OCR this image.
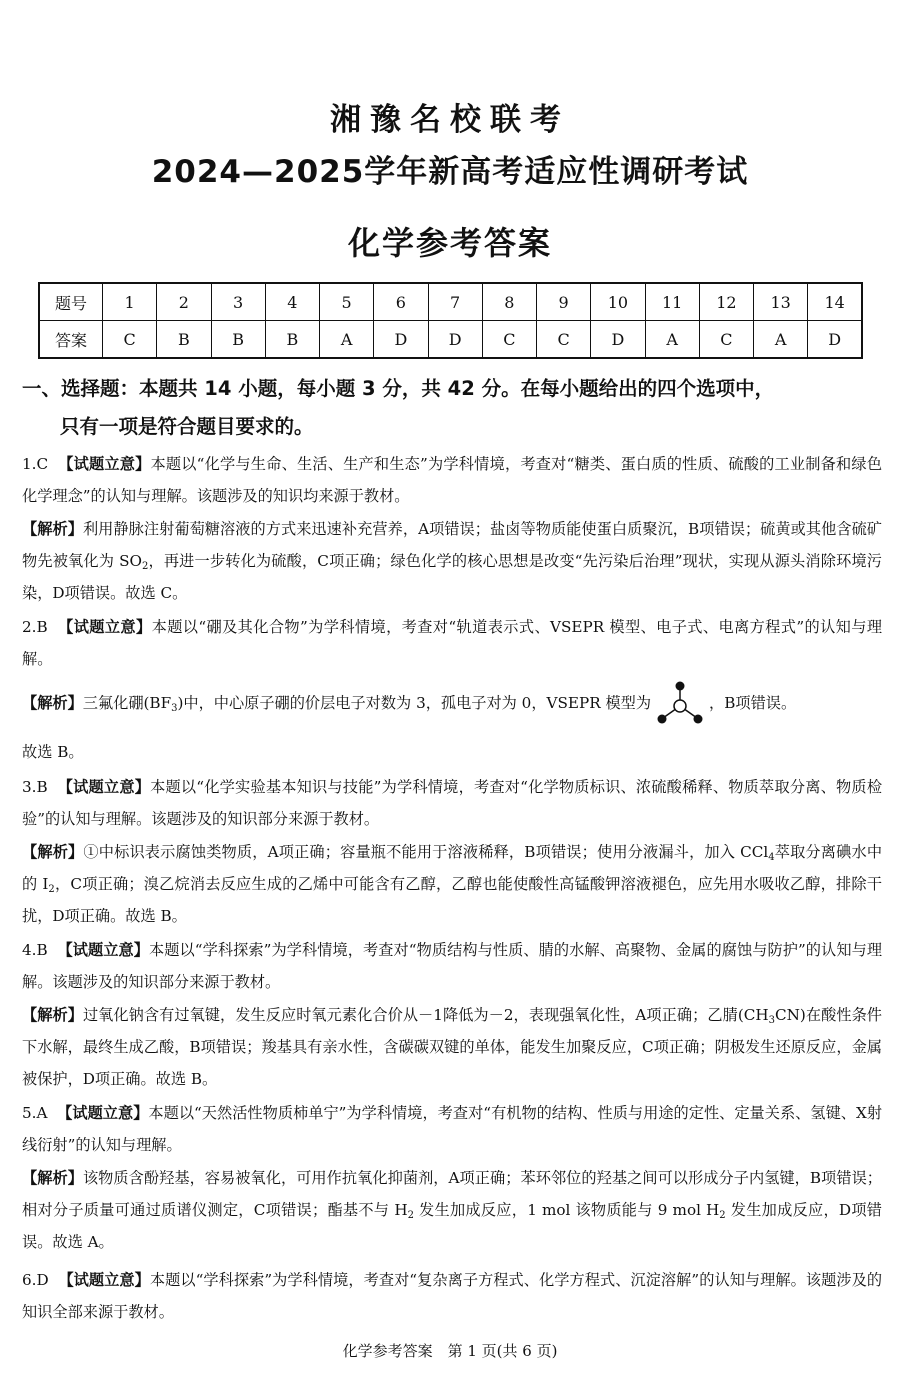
湘豫名校联考
2024—2025学年新高考适应性调研考试
化学参考答案
题号	1	2	3	4	5	6	7	8	9	10	11	12	13	14
答案	C	B	B	B	A	D	D	C	C	D	A	C	A	D
一、选择题：本题共 14 小题，每小题 3 分，共 42 分。在每小题给出的四个选项中，
只有一项是符合题目要求的。
1.C 【试题立意】本题以“化学与生命、生活、生产和生态”为学科情境，考查对“糖类、蛋白质的性质、硫酸的工业制备和绿色化学理念”的认知与理解。该题涉及的知识均来源于教材。
【解析】利用静脉注射葡萄糖溶液的方式来迅速补充营养，A项错误；盐卤等物质能使蛋白质聚沉，B项错误；硫黄或其他含硫矿物先被氧化为 $SO_2$，再进一步转化为硫酸，C项正确；绿色化学的核心思想是改变“先污染后治理”现状，实现从源头消除环境污染，D项错误。故选 C。
2.B 【试题立意】本题以“硼及其化合物”为学科情境，考查对“轨道表示式、VSEPR 模型、电子式、电离方程式”的认知与理解。
【解析】三氟化硼$(BF_3)$中，中心原子硼的价层电子对数为 3，孤电子对为 0，VSEPR 模型为	，B项错误。
故选 B。
3.B 【试题立意】本题以“化学实验基本知识与技能”为学科情境，考查对“化学物质标识、浓硫酸稀释、物质萃取分离、物质检验”的认知与理解。该题涉及的知识部分来源于教材。
【解析】①中标识表示腐蚀类物质，A项正确；容量瓶不能用于溶液稀释，B项错误；使用分液漏斗，加入 CCl$_4$萃取分离碘水中的 $I_2$，C项正确；溴乙烷消去反应生成的乙烯中可能含有乙醇，乙醇也能使酸性高锰酸钾溶液褪色，应先用水吸收乙醇，排除干扰，D项正确。故选 B。
4.B 【试题立意】本题以“学科探索”为学科情境，考查对“物质结构与性质、腈的水解、高聚物、金属的腐蚀与防护”的认知与理解。该题涉及的知识部分来源于教材。
【解析】过氧化钠含有过氧键，发生反应时氧元素化合价从－1降低为－2，表现强氧化性，A项正确；乙腈$(CH_3CN)$在酸性条件下水解，最终生成乙酸，B项错误；羧基具有亲水性，含碳碳双键的单体，能发生加聚反应，C项正确；阴极发生还原反应，金属被保护，D项正确。故选 B。
5.A 【试题立意】本题以“天然活性物质柿单宁”为学科情境，考查对“有机物的结构、性质与用途的定性、定量关系、氢键、X射线衍射”的认知与理解。
【解析】该物质含酚羟基，容易被氧化，可用作抗氧化抑菌剂，A项正确；苯环邻位的羟基之间可以形成分子内氢键，B项错误；相对分子质量可通过质谱仪测定，C项错误；酯基不与 $H_2$ 发生加成反应，1 mol 该物质能与 9 mol $H_2$ 发生加成反应，D项错误。故选 A。
6.D 【试题立意】本题以“学科探索”为学科情境，考查对“复杂离子方程式、化学方程式、沉淀溶解”的认知与理解。该题涉及的知识全部来源于教材。
化学参考答案　第 1 页(共 6 页)
